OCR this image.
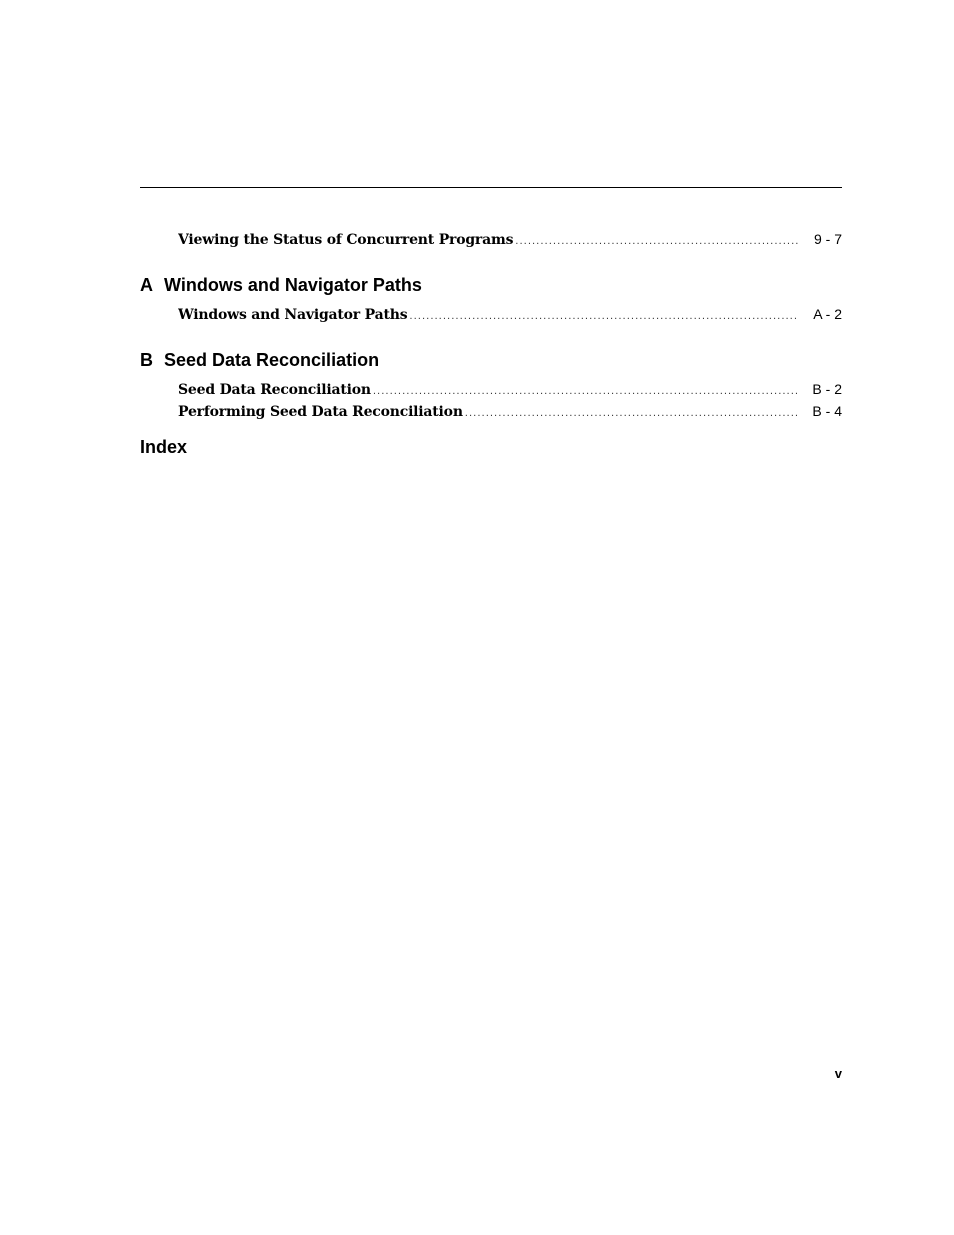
Viewing the Status of Concurrent Programs .....	9 - 7
A Windows and Navigator Paths
Windows and Navigator Paths .....	A - 2
B Seed Data Reconciliation
Seed Data Reconciliation .....	B - 2
Performing Seed Data Reconciliation .....	B - 4
Index
v
